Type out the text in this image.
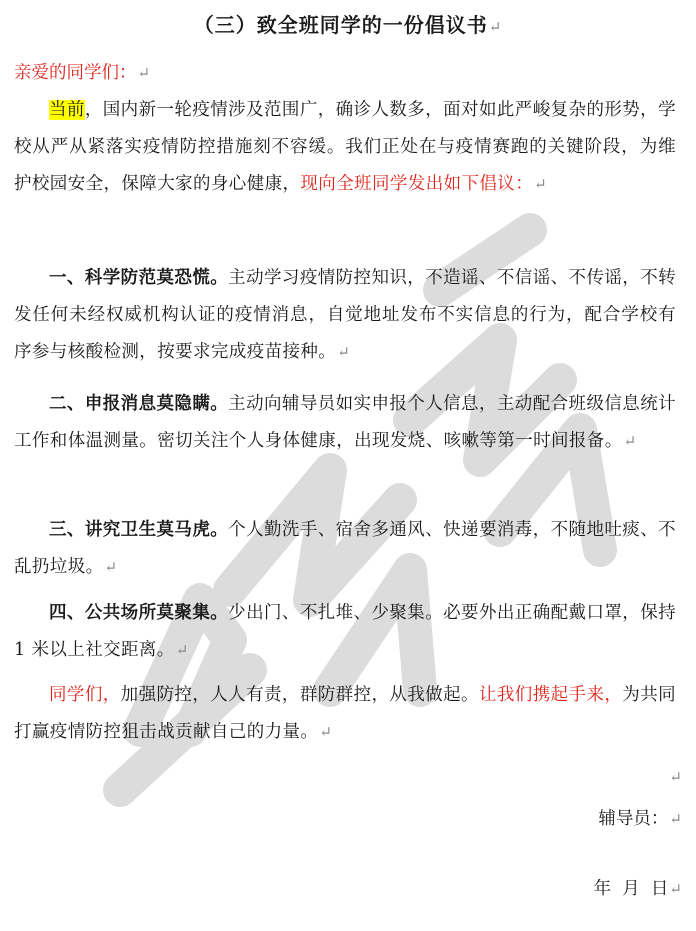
（三）致全班同学的一份倡议书↵
亲爱的同学们：↵
当前，国内新一轮疫情涉及范围广，确诊人数多，面对如此严峻复杂的形势，学校从严从紧落实疫情防控措施刻不容缓。我们正处在与疫情赛跑的关键阶段，为维护校园安全，保障大家的身心健康，现向全班同学发出如下倡议：↵
一、科学防范莫恐慌。主动学习疫情防控知识，不造谣、不信谣、不传谣，不转发任何未经权威机构认证的疫情消息，自觉地址发布不实信息的行为，配合学校有序参与核酸检测，按要求完成疫苗接种。↵
二、申报消息莫隐瞒。主动向辅导员如实申报个人信息，主动配合班级信息统计工作和体温测量。密切关注个人身体健康，出现发烧、咳嗽等第一时间报备。↵
三、讲究卫生莫马虎。个人勤洗手、宿舍多通风、快递要消毒，不随地吐痰、不乱扔垃圾。↵
四、公共场所莫聚集。少出门、不扎堆、少聚集。必要外出正确配戴口罩，保持 1 米以上社交距离。↵
同学们，加强防控，人人有责，群防群控，从我做起。让我们携起手来，为共同打赢疫情防控狙击战贡献自己的力量。↵
↵
辅导员：↵

年  月  日↵
